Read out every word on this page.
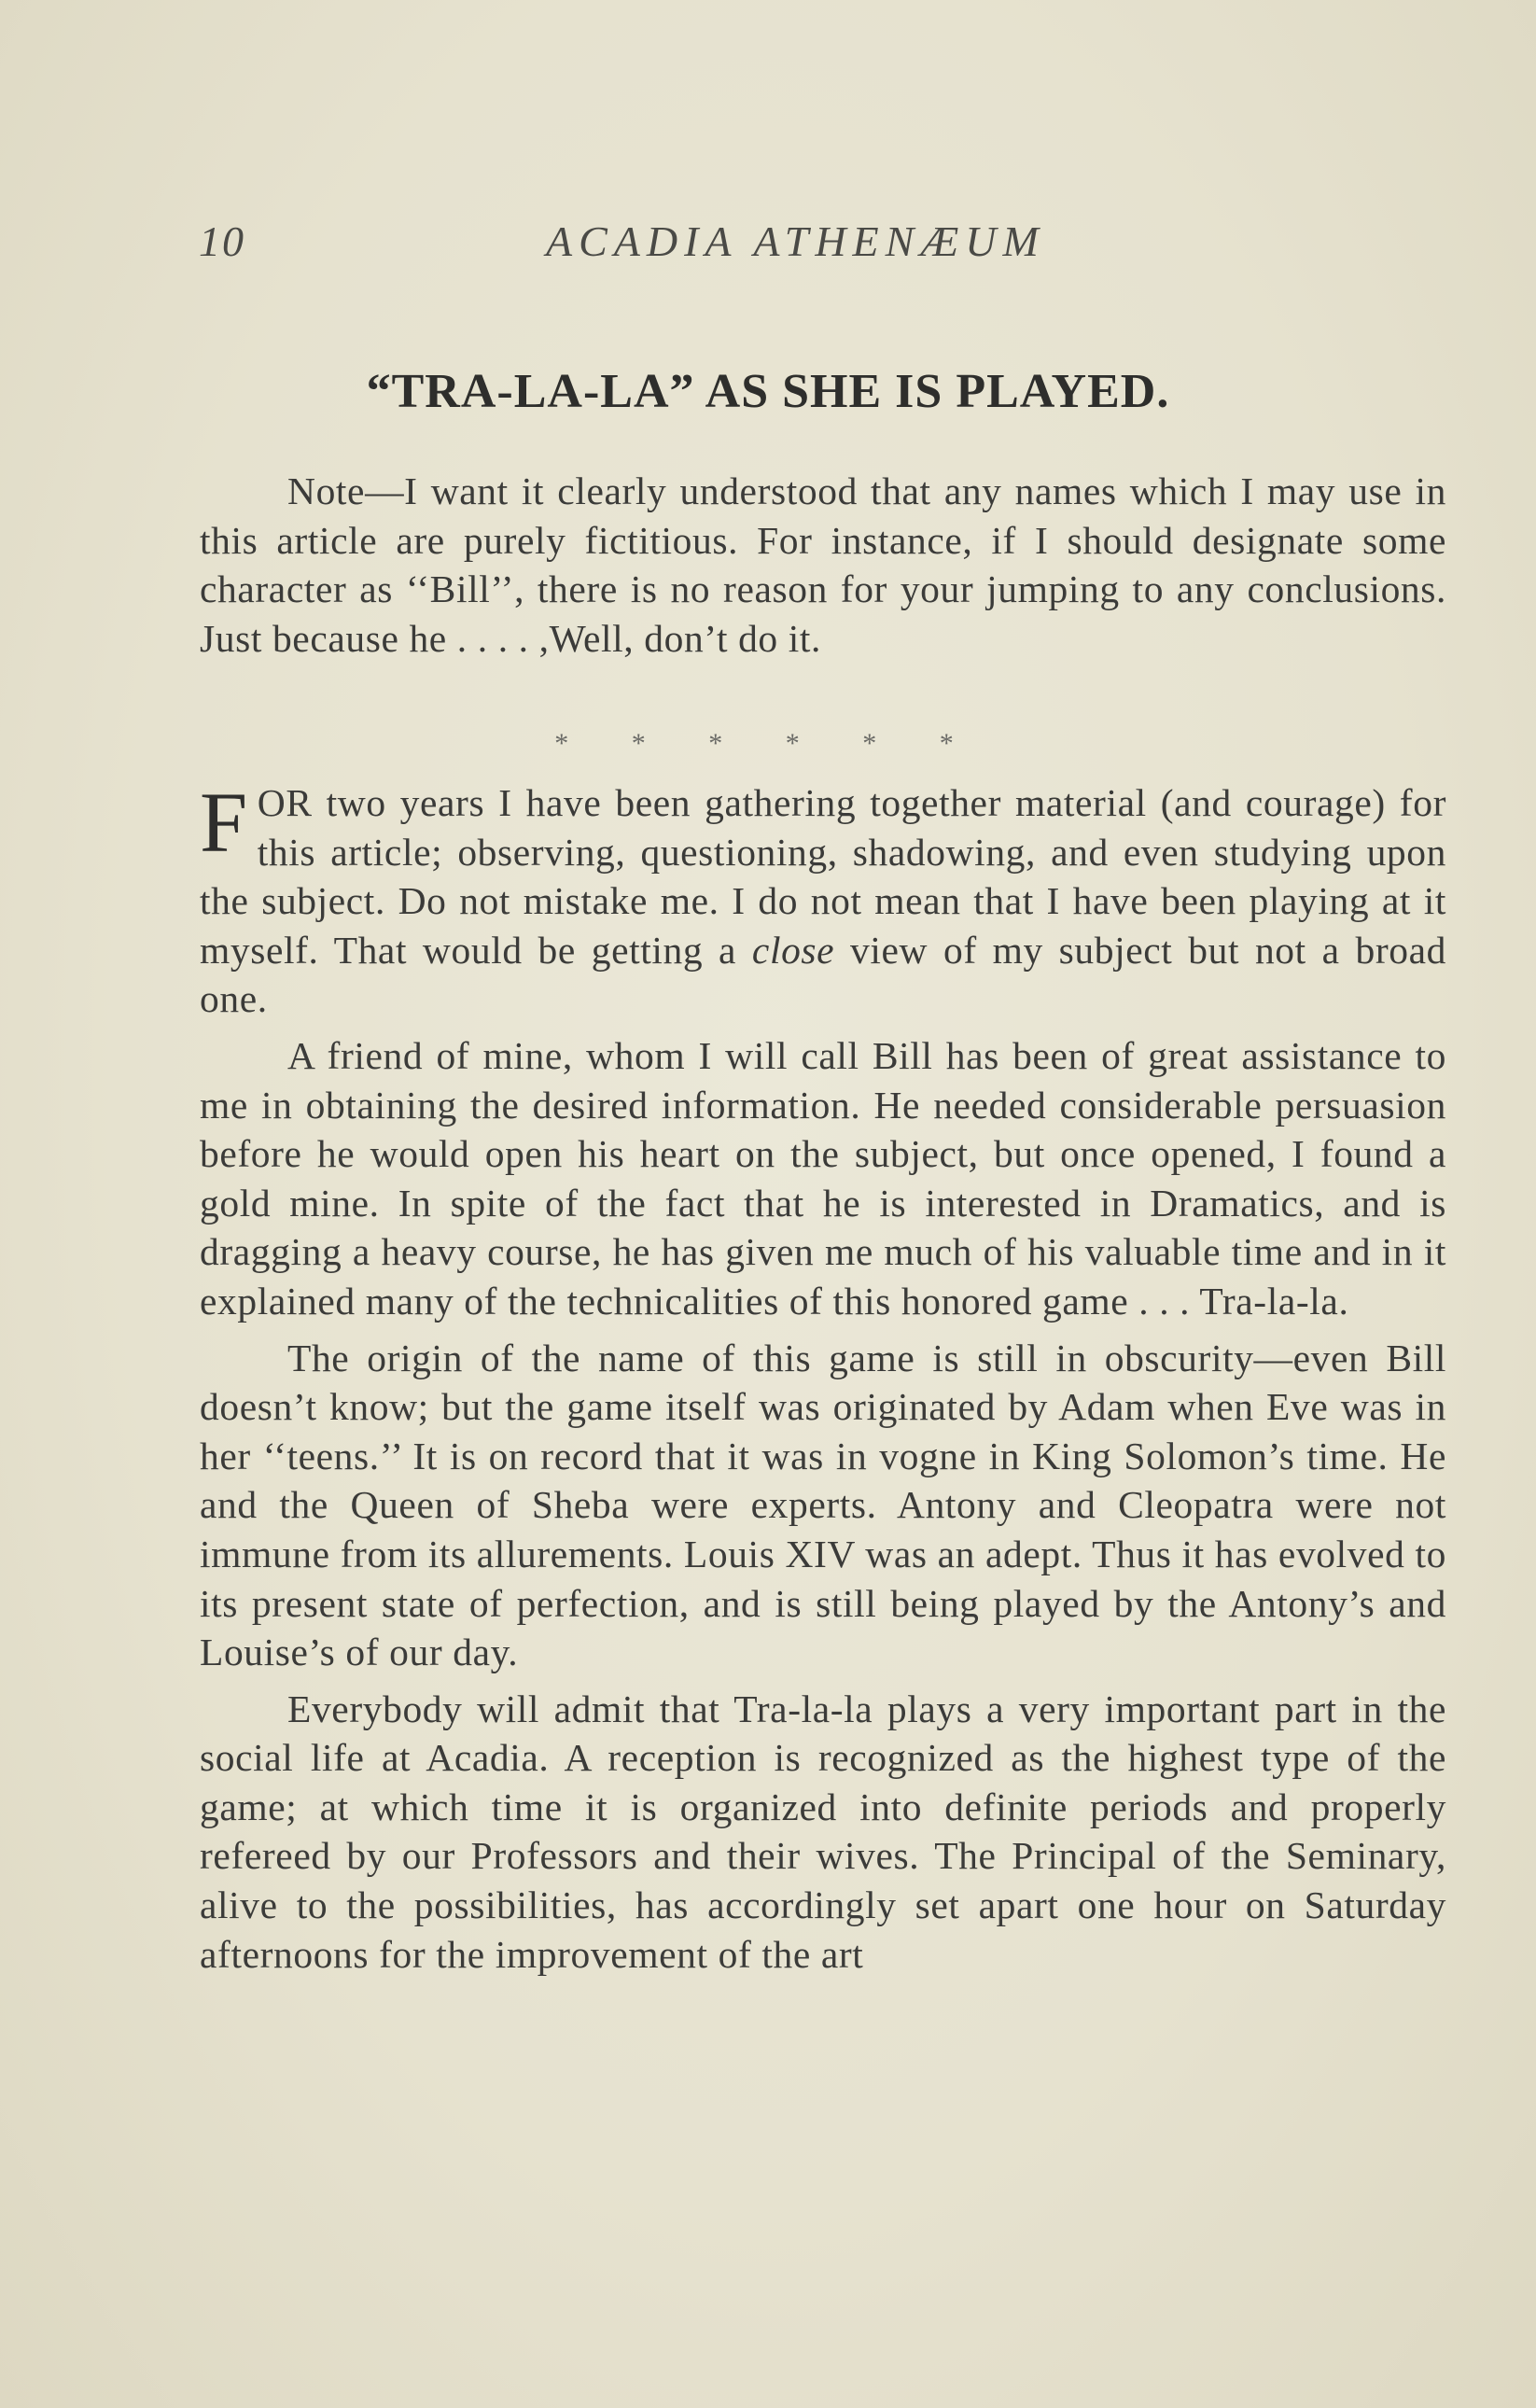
10	ACADIA ATHENÆUM
“TRA-LA-LA” AS SHE IS PLAYED.

Note—I want it clearly understood that any names which I may use in this article are purely fictitious. For instance, if I should designate some character as ‘‘Bill’’, there is no reason for your jumping to any conclusions. Just because he . . . . ,Well, don’t do it.

* * * * * *

FOR two years I have been gathering together material (and courage) for this article; observing, questioning, shadowing, and even studying upon the subject. Do not mistake me. I do not mean that I have been playing at it myself. That would be getting a close view of my subject but not a broad one.

A friend of mine, whom I will call Bill has been of great assistance to me in obtaining the desired information. He needed considerable persuasion before he would open his heart on the subject, but once opened, I found a gold mine. In spite of the fact that he is interested in Dramatics, and is dragging a heavy course, he has given me much of his valuable time and in it explained many of the technicalities of this honored game . . . Tra-la-la.

The origin of the name of this game is still in obscurity—even Bill doesn’t know; but the game itself was originated by Adam when Eve was in her ‘‘teens.’’ It is on record that it was in vogne in King Solomon’s time. He and the Queen of Sheba were experts. Antony and Cleopatra were not immune from its allurements. Louis XIV was an adept. Thus it has evolved to its present state of perfection, and is still being played by the Antony’s and Louise’s of our day.

Everybody will admit that Tra-la-la plays a very important part in the social life at Acadia. A reception is recognized as the highest type of the game; at which time it is organized into definite periods and properly refereed by our Professors and their wives. The Principal of the Seminary, alive to the possibilities, has accordingly set apart one hour on Saturday afternoons for the improvement of the art
